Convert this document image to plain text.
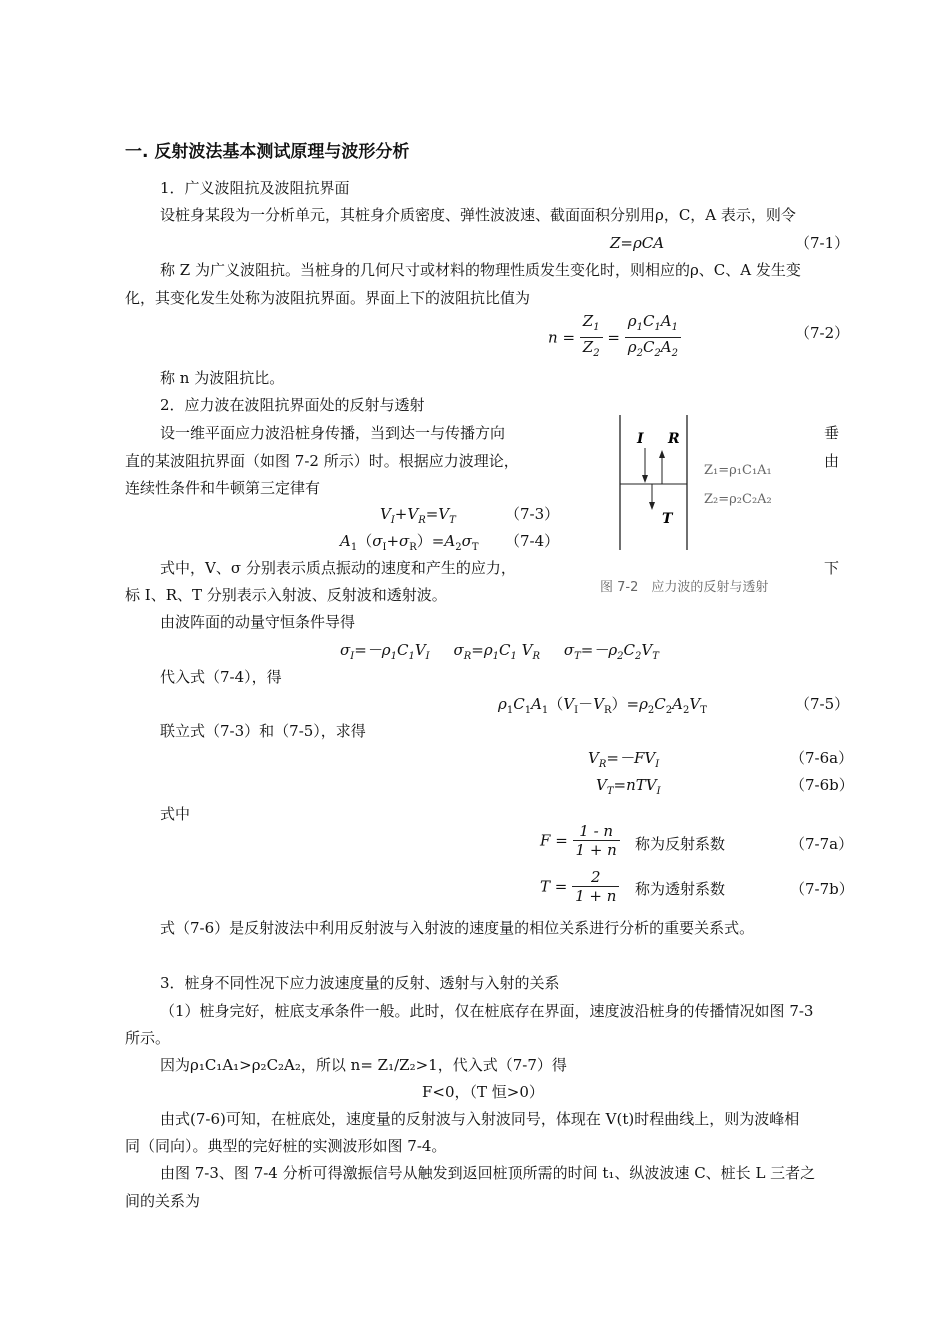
一. 反射波法基本测试原理与波形分析
1．广义波阻抗及波阻抗界面
设桩身某段为一分析单元，其桩身介质密度、弹性波波速、截面面积分别用ρ，C，A 表示，则令
Z=ρCA	（7-1）
称 Z 为广义波阻抗。当桩身的几何尺寸或材料的物理性质发生变化时，则相应的ρ、C、A 发生变
化，其变化发生处称为波阻抗界面。界面上下的波阻抗比值为
$n = \frac{Z_1}{Z_2} = \frac{\rho_1C_1A_1}{\rho_2C_2A_2}$	（7-2）
称 n 为波阻抗比。
2．应力波在波阻抗界面处的反射与透射
设一维平面应力波沿桩身传播，当到达一与传播方向	垂
直的某波阻抗界面（如图 7-2 所示）时。根据应力波理论，	由
连续性条件和牛顿第三定律有
$V_I+V_R=V_T$	（7-3）
$A_1(\sigma_I+\sigma_R)=A_2\sigma_T$ （7-4）
I R
T
Z₁=ρ₁C₁A₁
Z₂=ρ₂C₂A₂
图 7-2　应力波的反射与透射
式中，V、σ 分别表示质点振动的速度和产生的应力，	下
标 I、R、T 分别表示入射波、反射波和透射波。
由波阵面的动量守恒条件导得
$\sigma_I=-\rho_1C_1V_I$     $\sigma_R=\rho_1C_1$ $V_R$     $\sigma_T=-\rho_2C_2V_T$
代入式（7-4），得
$\rho_1C_1A_1(V_I-V_R)=\rho_2C_2A_2V_T$	（7-5）
联立式（7-3）和（7-5），求得
$V_R=-FV_I$	（7-6a）
$V_T=nTV_I$	（7-6b）
式中
$F = \frac{1 - n}{1 + n}$ 称为反射系数	（7-7a）
$T = \frac{2}{1 + n}$ 称为透射系数	（7-7b）
式（7-6）是反射波法中利用反射波与入射波的速度量的相位关系进行分析的重要关系式。
3．桩身不同性况下应力波速度量的反射、透射与入射的关系
（1）桩身完好，桩底支承条件一般。此时，仅在桩底存在界面，速度波沿桩身的传播情况如图 7-3
所示。
因为ρ₁C₁A₁>ρ₂C₂A₂，所以 n= Z₁/Z₂>1，代入式（7-7）得
F<0，（T 恒>0）
由式(7-6)可知，在桩底处，速度量的反射波与入射波同号，体现在 V(t)时程曲线上，则为波峰相
同（同向）。典型的完好桩的实测波形如图 7-4。
由图 7-3、图 7-4 分析可得激振信号从触发到返回桩顶所需的时间 t₁、纵波波速 C、桩长 L 三者之
间的关系为
